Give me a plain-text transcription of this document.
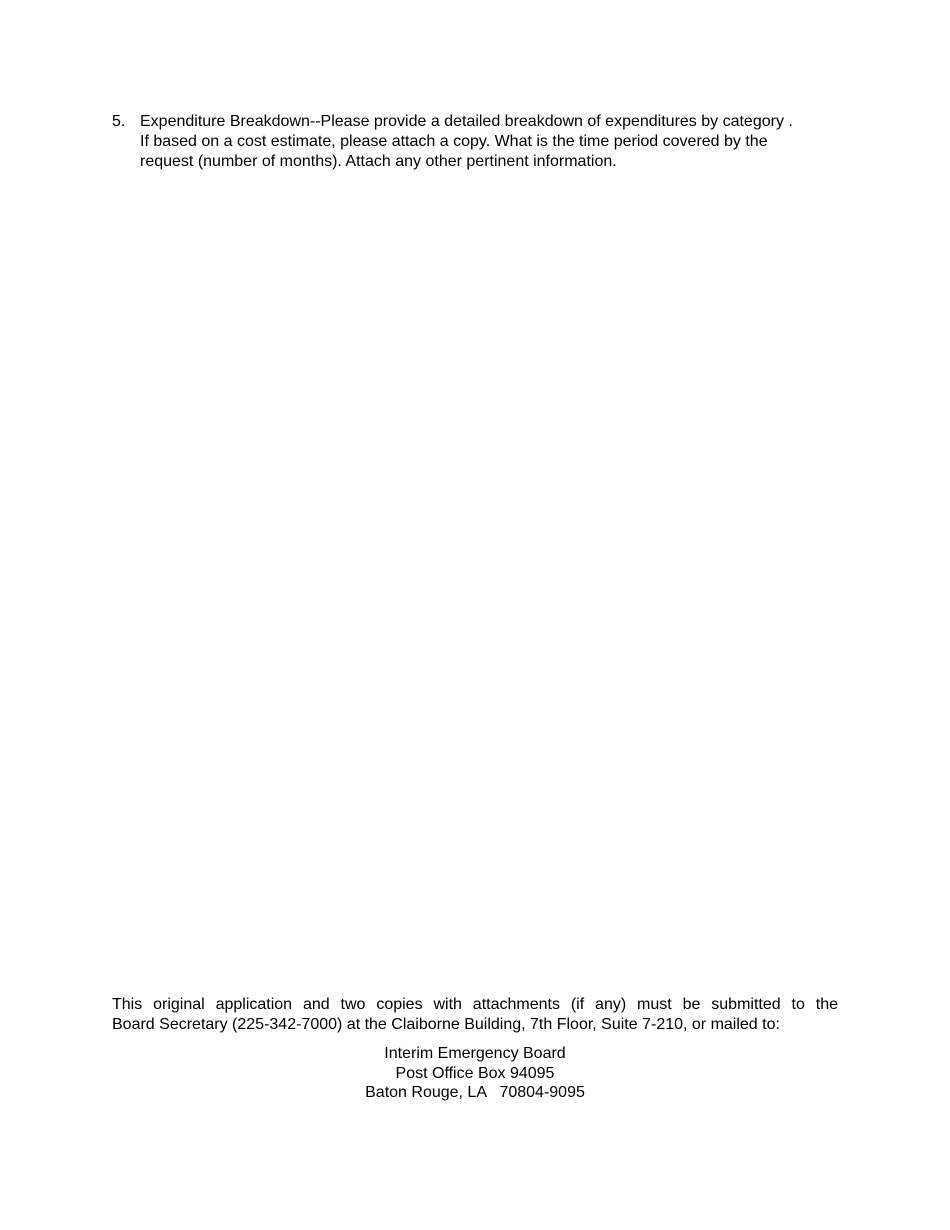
5. Expenditure Breakdown--Please provide a detailed breakdown of expenditures by category .
If based on a cost estimate, please attach a copy. What is the time period covered by the
request (number of months). Attach any other pertinent information.
This original application and two copies with attachments (if any) must be submitted to the
Board Secretary (225-342-7000) at the Claiborne Building, 7th Floor, Suite 7-210, or mailed to:
Interim Emergency Board
Post Office Box 94095
Baton Rouge, LA   70804-9095
